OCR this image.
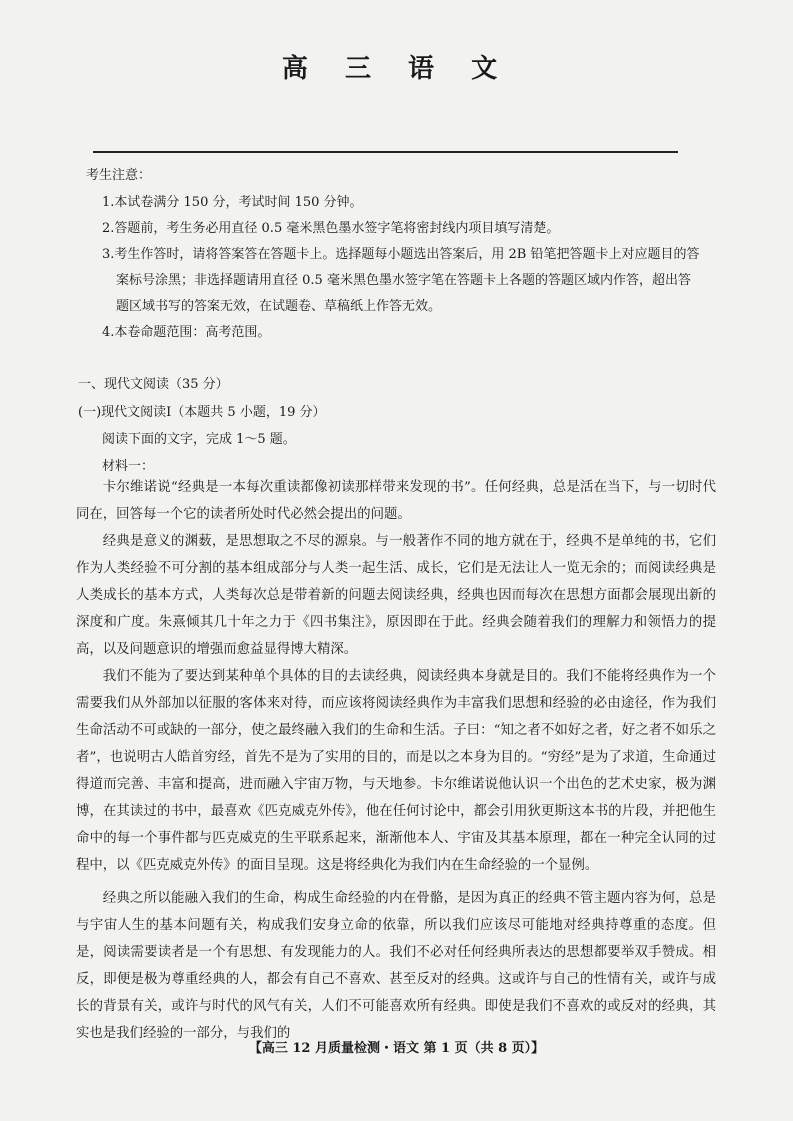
高 三 语 文
考生注意：
1.本试卷满分 150 分，考试时间 150 分钟。
2.答题前，考生务必用直径 0.5 毫米黑色墨水签字笔将密封线内项目填写清楚。
3.考生作答时，请将答案答在答题卡上。选择题每小题选出答案后，用 2B 铅笔把答题卡上对应题目的答案标号涂黑；非选择题请用直径 0.5 毫米黑色墨水签字笔在答题卡上各题的答题区域内作答，超出答题区域书写的答案无效，在试题卷、草稿纸上作答无效。
4.本卷命题范围：高考范围。
一、现代文阅读（35 分）
(一)现代文阅读Ⅰ（本题共 5 小题，19 分）
阅读下面的文字，完成 1～5 题。
材料一：

卡尔维诺说“经典是一本每次重读都像初读那样带来发现的书”。任何经典，总是活在当下，与一切时代同在，回答每一个它的读者所处时代必然会提出的问题。

经典是意义的渊薮，是思想取之不尽的源泉。与一般著作不同的地方就在于，经典不是单纯的书，它们作为人类经验不可分割的基本组成部分与人类一起生活、成长，它们是无法让人一览无余的；而阅读经典是人类成长的基本方式，人类每次总是带着新的问题去阅读经典，经典也因而每次在思想方面都会展现出新的深度和广度。朱熹倾其几十年之力于《四书集注》，原因即在于此。经典会随着我们的理解力和领悟力的提高，以及问题意识的增强而愈益显得博大精深。

我们不能为了要达到某种单个具体的目的去读经典，阅读经典本身就是目的。我们不能将经典作为一个需要我们从外部加以征服的客体来对待，而应该将阅读经典作为丰富我们思想和经验的必由途径，作为我们生命活动不可或缺的一部分，使之最终融入我们的生命和生活。子曰：“知之者不如好之者，好之者不如乐之者”，也说明古人皓首穷经，首先不是为了实用的目的，而是以之本身为目的。“穷经”是为了求道，生命通过得道而完善、丰富和提高，进而融入宇宙万物，与天地参。卡尔维诺说他认识一个出色的艺术史家，极为渊博，在其读过的书中，最喜欢《匹克威克外传》，他在任何讨论中，都会引用狄更斯这本书的片段，并把他生命中的每一个事件都与匹克威克的生平联系起来，渐渐他本人、宇宙及其基本原理，都在一种完全认同的过程中，以《匹克威克外传》的面目呈现。这是将经典化为我们内在生命经验的一个显例。

经典之所以能融入我们的生命，构成生命经验的内在骨骼，是因为真正的经典不管主题内容为何，总是与宇宙人生的基本问题有关，构成我们安身立命的依靠，所以我们应该尽可能地对经典持尊重的态度。但是，阅读需要读者是一个有思想、有发现能力的人。我们不必对任何经典所表达的思想都要举双手赞成。相反，即便是极为尊重经典的人，都会有自己不喜欢、甚至反对的经典。这或许与自己的性情有关，或许与成长的背景有关，或许与时代的风气有关，人们不可能喜欢所有经典。即使是我们不喜欢的或反对的经典，其实也是我们经验的一部分，与我们的

【高三 12 月质量检测・语文 第 1 页（共 8 页）】
